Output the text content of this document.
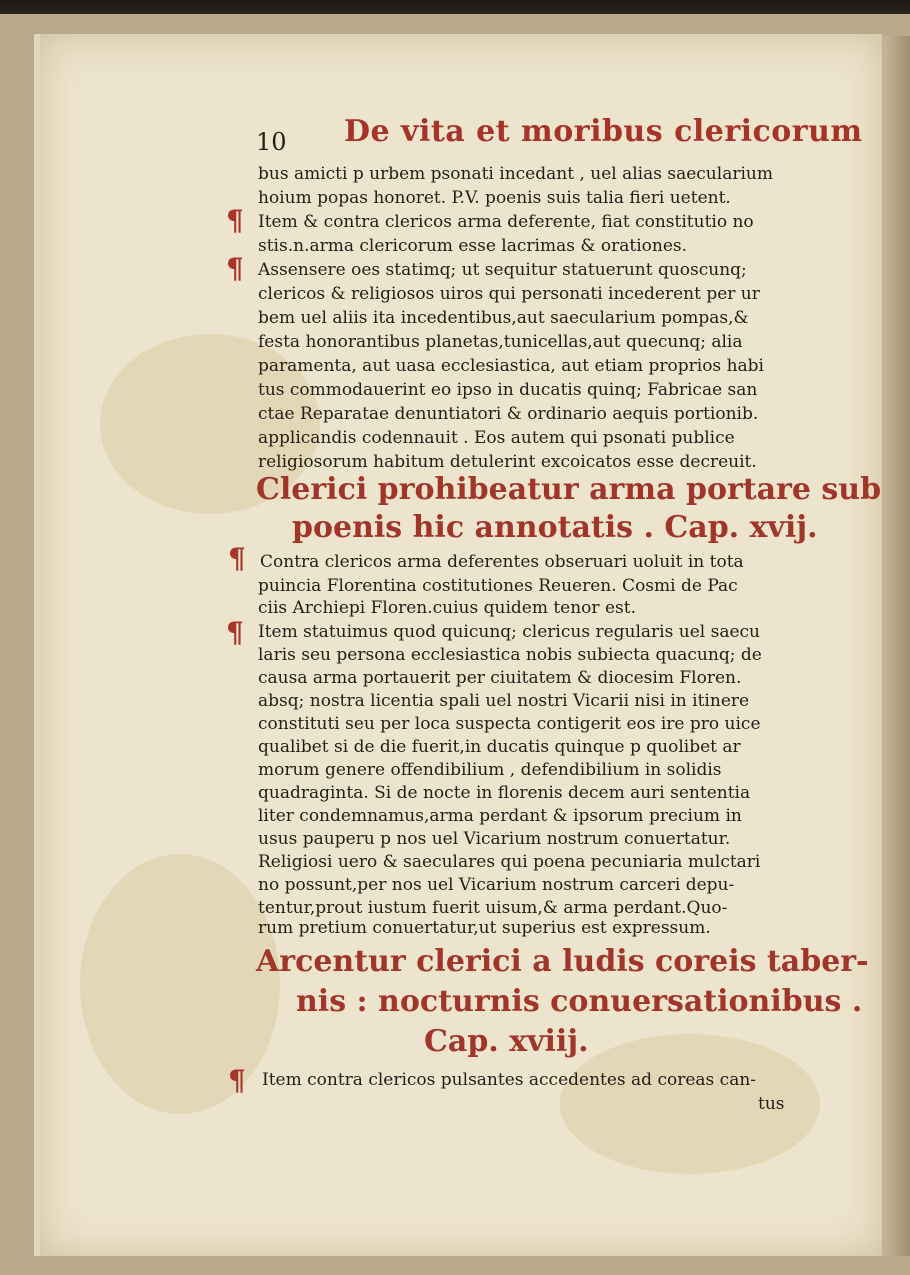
10 De vita et moribus clericorum
bus amicti p urbem psonati incedant , uel alias saecularium
hoium popas honoret. P.V. poenis suis talia fieri uetent.
¶ Item & contra clericos arma deferente, fiat constitutio no
stis.n.arma clericorum esse lacrimas & orationes.
¶ Assensere oes statimq; ut sequitur statuerunt quoscunq;
clericos & religiosos uiros qui personati incederent per ur
bem uel aliis ita incedentibus,aut saecularium pompas,&
festa honorantibus planetas,tunicellas,aut quecunq; alia
paramenta, aut uasa ecclesiastica, aut etiam proprios habi
tus commodauerint eo ipso in ducatis quinq; Fabricae san
ctae Reparatae denuntiatori & ordinario aequis portionib.
applicandis codennauit . Eos autem qui psonati publice
religiosorum habitum detulerint excoicatos esse decreuit.
Clerici prohibeatur arma portare sub
poenis hic annotatis . Cap. xvij.
¶ Contra clericos arma deferentes obseruari uoluit in tota
puincia Florentina costitutiones Reueren. Cosmi de Pac
ciis Archiepi Floren.cuius quidem tenor est.
¶ Item statuimus quod quicunq; clericus regularis uel saecu
laris seu persona ecclesiastica nobis subiecta quacunq; de
causa arma portauerit per ciuitatem & diocesim Floren.
absq; nostra licentia spali uel nostri Vicarii nisi in itinere
constituti seu per loca suspecta contigerit eos ire pro uice
qualibet si de die fuerit,in ducatis quinque p quolibet ar
morum genere offendibilium , defendibilium in solidis
quadraginta. Si de nocte in florenis decem auri sententia
liter condemnamus,arma perdant & ipsorum precium in
usus pauperu p nos uel Vicarium nostrum conuertatur.
Religiosi uero & saeculares qui poena pecuniaria mulctari
no possunt,per nos uel Vicarium nostrum carceri depu-
tentur,prout iustum fuerit uisum,& arma perdant.Quo-
rum pretium conuertatur,ut superius est expressum.
Arcentur clerici a ludis coreis taber-
nis : nocturnis conuersationibus .
Cap. xviij.
¶ Item contra clericos pulsantes accedentes ad coreas can-
tus
